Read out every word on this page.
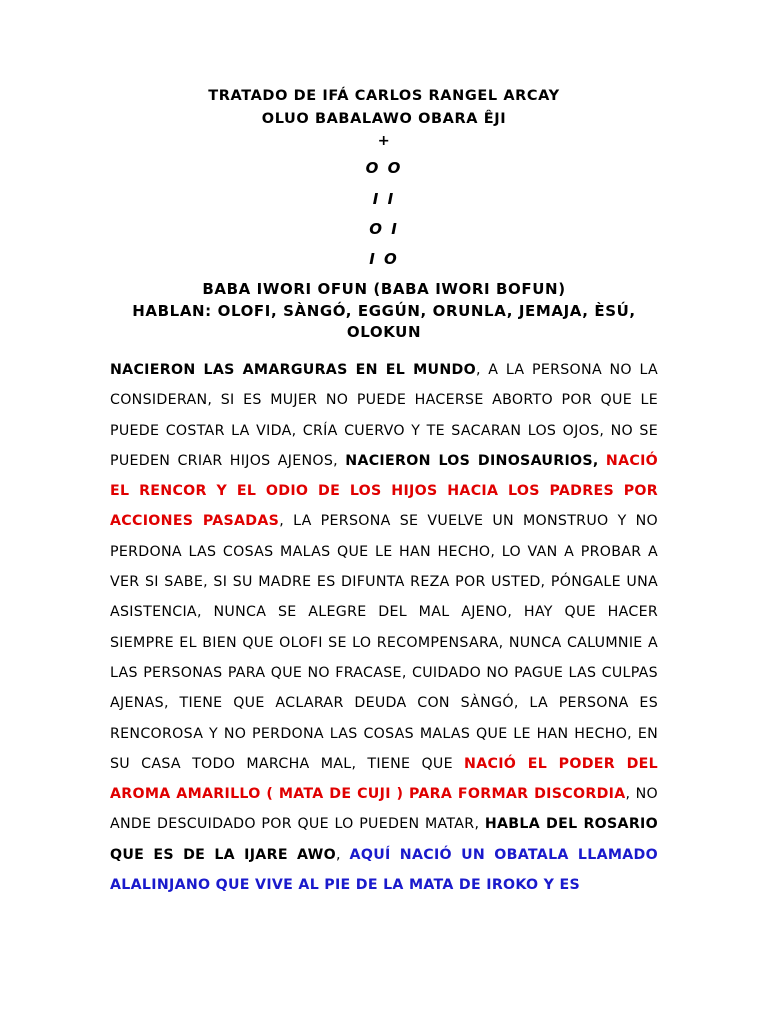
TRATADO DE IFÁ CARLOS RANGEL ARCAY
OLUO BABALAWO OBARA ÊJI
+
O O
I I
O I
I O
BABA IWORI OFUN (BABA IWORI BOFUN)
HABLAN: OLOFI, SÀNGÓ, EGGÚN, ORUNLA, JEMAJA, ÈSÚ,
OLOKUN
NACIERON LAS AMARGURAS EN EL MUNDO, A LA PERSONA NO LA CONSIDERAN, SI ES MUJER NO PUEDE HACERSE ABORTO POR QUE LE PUEDE COSTAR LA VIDA, CRÍA CUERVO Y TE SACARAN LOS OJOS, NO SE PUEDEN CRIAR HIJOS AJENOS, NACIERON LOS DINOSAURIOS, NACIÓ EL RENCOR Y EL ODIO DE LOS HIJOS HACIA LOS PADRES POR ACCIONES PASADAS, LA PERSONA SE VUELVE UN MONSTRUO Y NO PERDONA LAS COSAS MALAS QUE LE HAN HECHO, LO VAN A PROBAR A VER SI SABE, SI SU MADRE ES DIFUNTA REZA POR USTED, PÓNGALE UNA ASISTENCIA, NUNCA SE ALEGRE DEL MAL AJENO, HAY QUE HACER SIEMPRE EL BIEN QUE OLOFI SE LO RECOMPENSARA, NUNCA CALUMNIE A LAS PERSONAS PARA QUE NO FRACASE, CUIDADO NO PAGUE LAS CULPAS AJENAS, TIENE QUE ACLARAR DEUDA CON SÀNGÓ, LA PERSONA ES RENCOROSA Y NO PERDONA LAS COSAS MALAS QUE LE HAN HECHO, EN SU CASA TODO MARCHA MAL, TIENE QUE NACIÓ EL PODER DEL AROMA AMARILLO ( MATA DE CUJI ) PARA FORMAR DISCORDIA, NO ANDE DESCUIDADO POR QUE LO PUEDEN MATAR, HABLA DEL ROSARIO QUE ES DE LA IJARE AWO, AQUÍ NACIÓ UN OBATALA LLAMADO ALALINJANO QUE VIVE AL PIE DE LA MATA DE IROKO Y ES
